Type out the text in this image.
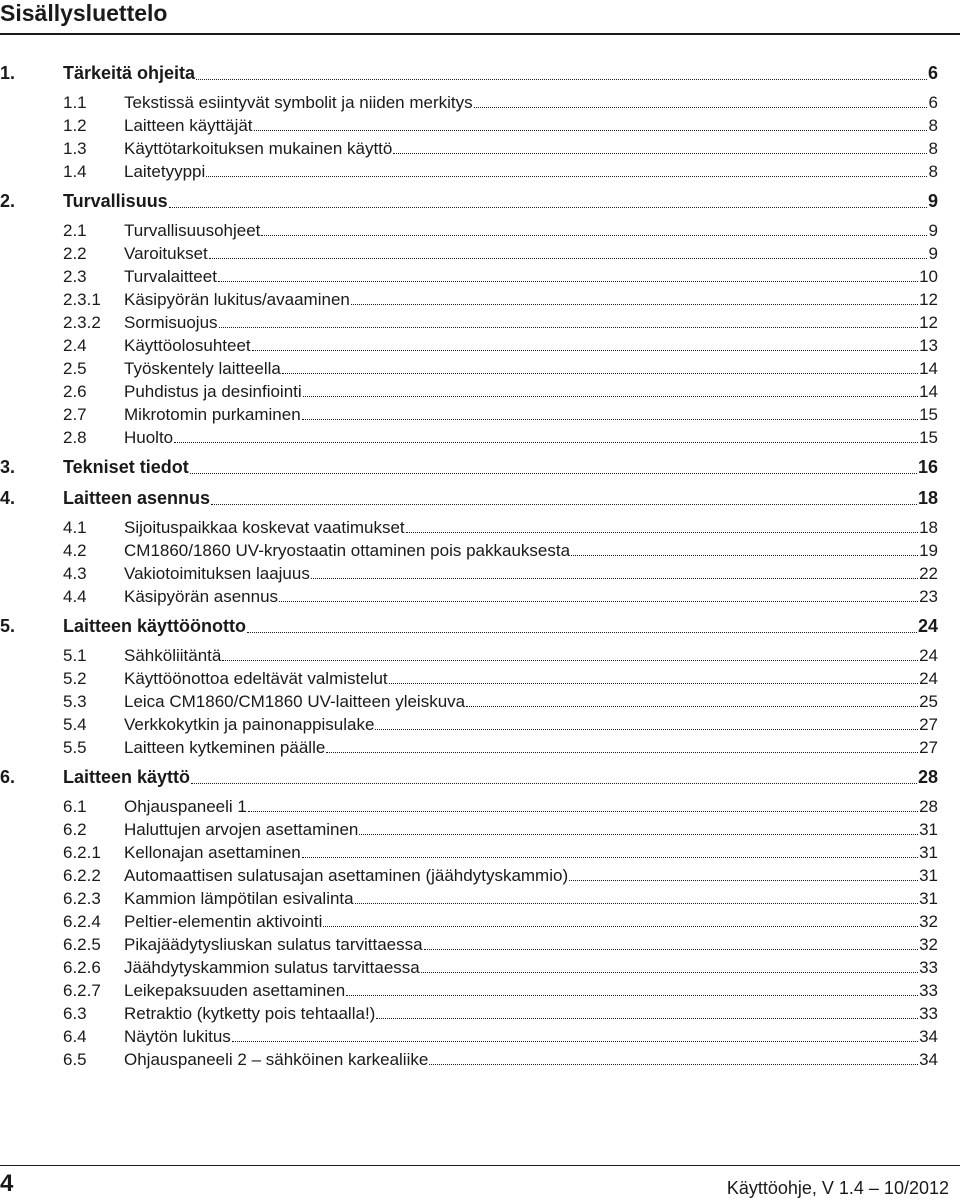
Sisällysluettelo
1.	Tärkeitä ohjeita	6
1.1 Tekstissä esiintyvät symbolit ja niiden merkitys	6
1.2 Laitteen käyttäjät	8
1.3 Käyttötarkoituksen mukainen käyttö	8
1.4 Laitetyyppi	8
2.	Turvallisuus	9
2.1 Turvallisuusohjeet	9
2.2 Varoitukset	9
2.3 Turvalaitteet	10
2.3.1 Käsipyörän lukitus/avaaminen	12
2.3.2 Sormisuojus	12
2.4 Käyttöolosuhteet	13
2.5 Työskentely laitteella	14
2.6 Puhdistus ja desinfiointi	14
2.7 Mikrotomin purkaminen	15
2.8 Huolto	15
3.	Tekniset tiedot	16
4.	Laitteen asennus	18
4.1 Sijoituspaikkaa koskevat vaatimukset	18
4.2 CM1860/1860 UV-kryostaatin ottaminen pois pakkauksesta	19
4.3 Vakiotoimituksen laajuus	22
4.4 Käsipyörän asennus	23
5.	Laitteen käyttöönotto	24
5.1 Sähköliitäntä	24
5.2 Käyttöönottoa edeltävät valmistelut	24
5.3 Leica CM1860/CM1860 UV-laitteen yleiskuva	25
5.4 Verkkokytkin ja painonappisulake	27
5.5 Laitteen kytkeminen päälle	27
6.	Laitteen käyttö	28
6.1 Ohjauspaneeli 1	28
6.2 Haluttujen arvojen asettaminen	31
6.2.1 Kellonajan asettaminen	31
6.2.2 Automaattisen sulatusajan asettaminen (jäähdytyskammio)	31
6.2.3 Kammion lämpötilan esivalinta	31
6.2.4 Peltier-elementin aktivointi	32
6.2.5 Pikajäädytysliuskan sulatus tarvittaessa	32
6.2.6 Jäähdytyskammion sulatus tarvittaessa	33
6.2.7 Leikepaksuuden asettaminen	33
6.3 Retraktio (kytketty pois tehtaalla!)	33
6.4 Näytön lukitus	34
6.5 Ohjauspaneeli 2 – sähköinen karkealiike	34
4	Käyttöohje, V 1.4 – 10/2012
